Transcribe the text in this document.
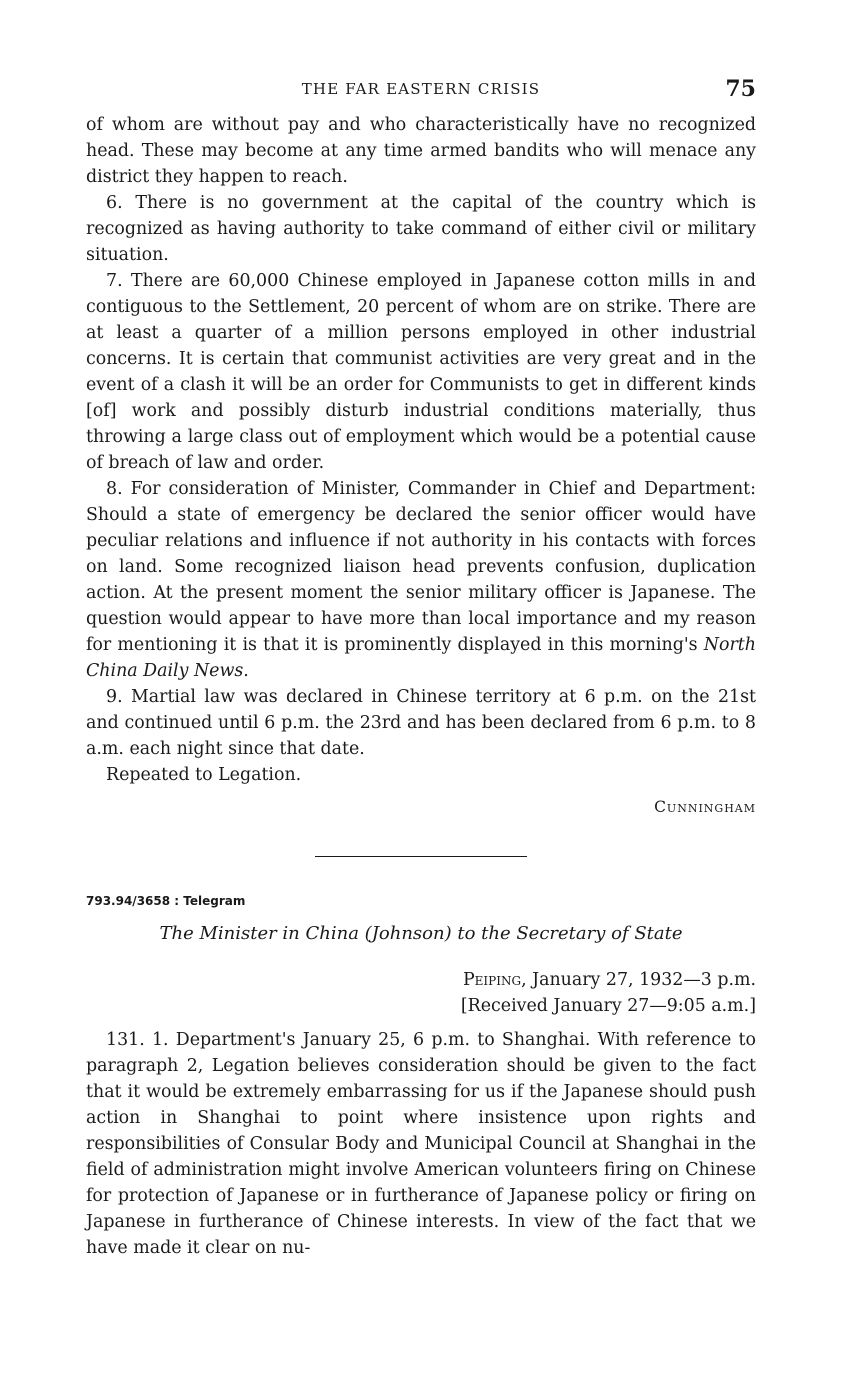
THE FAR EASTERN CRISIS	75

of whom are without pay and who characteristically have no recognized head. These may become at any time armed bandits who will menace any district they happen to reach.

6. There is no government at the capital of the country which is recognized as having authority to take command of either civil or military situation.

7. There are 60,000 Chinese employed in Japanese cotton mills in and contiguous to the Settlement, 20 percent of whom are on strike. There are at least a quarter of a million persons employed in other industrial concerns. It is certain that communist activities are very great and in the event of a clash it will be an order for Communists to get in different kinds [of] work and possibly disturb industrial conditions materially, thus throwing a large class out of employment which would be a potential cause of breach of law and order.

8. For consideration of Minister, Commander in Chief and Department: Should a state of emergency be declared the senior officer would have peculiar relations and influence if not authority in his contacts with forces on land. Some recognized liaison head prevents confusion, duplication action. At the present moment the senior military officer is Japanese. The question would appear to have more than local importance and my reason for mentioning it is that it is prominently displayed in this morning's North China Daily News.

9. Martial law was declared in Chinese territory at 6 p.m. on the 21st and continued until 6 p.m. the 23rd and has been declared from 6 p.m. to 8 a.m. each night since that date.

Repeated to Legation.

Cunningham
793.94/3658 : Telegram
The Minister in China (Johnson) to the Secretary of State
Peiping, January 27, 1932—3 p.m.
[Received January 27—9:05 a.m.]

131. 1. Department's January 25, 6 p.m. to Shanghai. With reference to paragraph 2, Legation believes consideration should be given to the fact that it would be extremely embarrassing for us if the Japanese should push action in Shanghai to point where insistence upon rights and responsibilities of Consular Body and Municipal Council at Shanghai in the field of administration might involve American volunteers firing on Chinese for protection of Japanese or in furtherance of Japanese policy or firing on Japanese in furtherance of Chinese interests. In view of the fact that we have made it clear on nu-
